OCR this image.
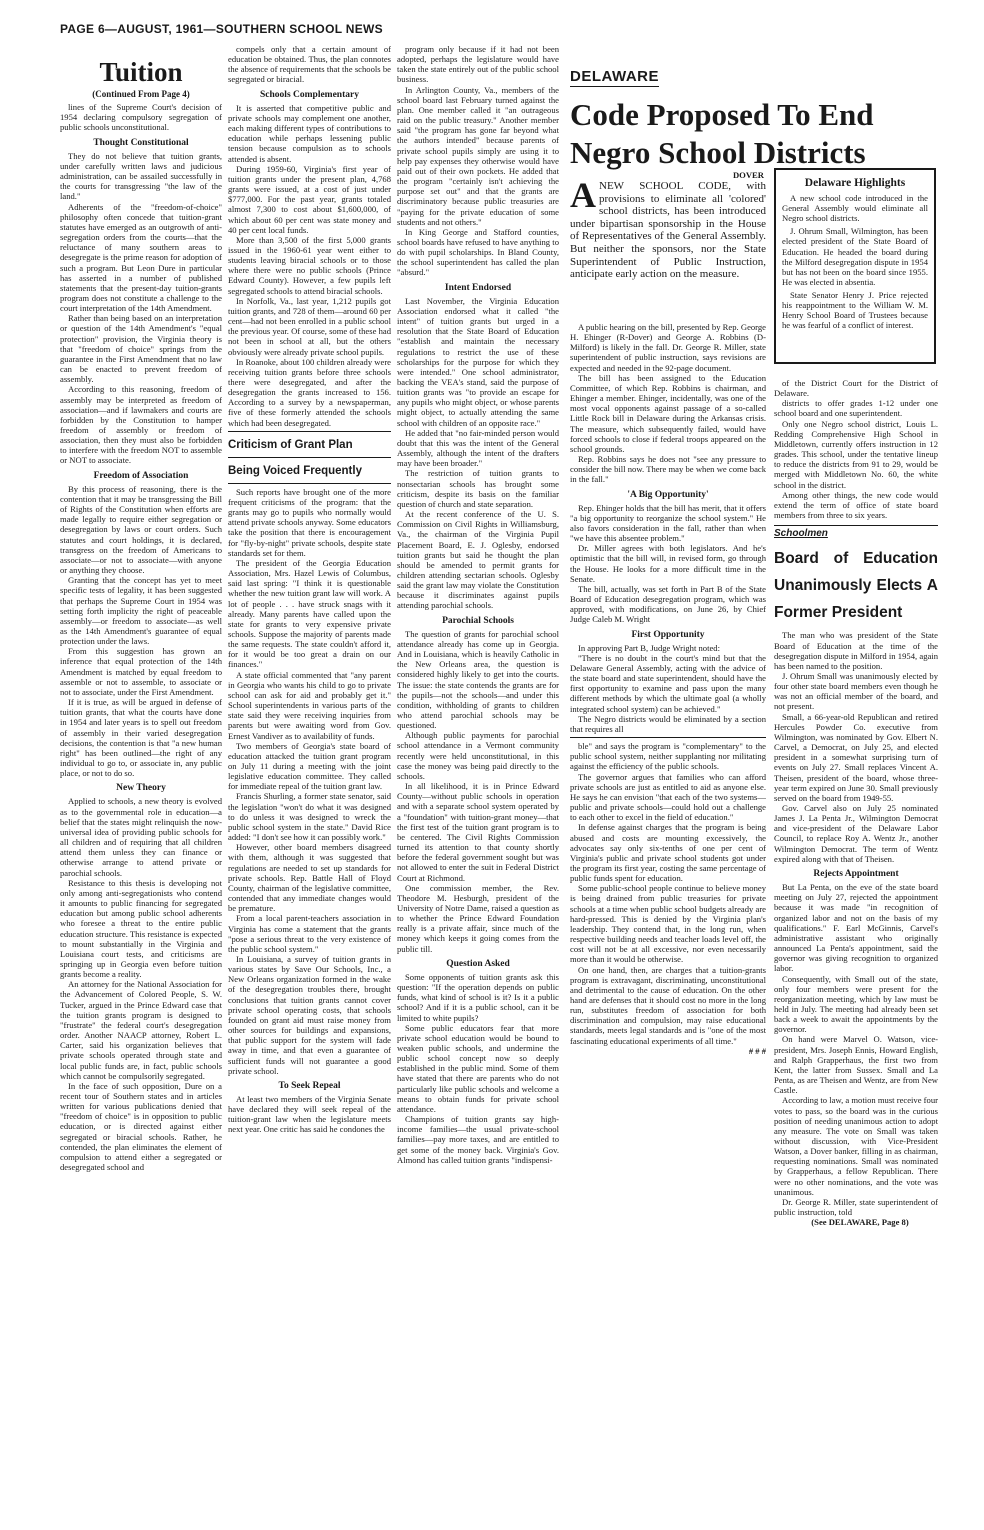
PAGE 6—AUGUST, 1961—SOUTHERN SCHOOL NEWS
Tuition
(Continued From Page 4)

lines of the Supreme Court's decision of 1954 declaring compulsory segregation of public schools unconstitutional.

Thought Constitutional

They do not believe that tuition grants, under carefully written laws and judicious administration, can be assailed successfully in the courts for transgressing "the law of the land."

Adherents of the "freedom-of-choice" philosophy often concede that tuition-grant statutes have emerged as an outgrowth of anti-segregation orders from the courts—that the reluctance of many southern areas to desegregate is the prime reason for adoption of such a program. But Leon Dure in particular has asserted in a number of published statements that the present-day tuition-grants program does not constitute a challenge to the court interpretation of the 14th Amendment.

Rather than being based on an interpretation or question of the 14th Amendment's "equal protection" provision, the Virginia theory is that "freedom of choice" springs from the guarantee in the First Amendment that no law can be enacted to prevent freedom of assembly.

According to this reasoning, freedom of assembly may be interpreted as freedom of association—and if lawmakers and courts are forbidden by the Constitution to hamper freedom of assembly or freedom of association, then they must also be forbidden to interfere with the freedom NOT to assemble or NOT to associate.

Freedom of Association

By this process of reasoning, there is the contention that it may be transgressing the Bill of Rights of the Constitution when efforts are made legally to require either segregation or desegregation by laws or court orders. Such statutes and court holdings, it is declared, transgress on the freedom of Americans to associate—or not to associate—with anyone or anything they choose.

Granting that the concept has yet to meet specific tests of legality, it has been suggested that perhaps the Supreme Court in 1954 was setting forth implicity the right of peaceable assembly—or freedom to associate—as well as the 14th Amendment's guarantee of equal protection under the laws.

From this suggestion has grown an inference that equal protection of the 14th Amendment is matched by equal freedom to assemble or not to assemble, to associate or not to associate, under the First Amendment.

If it is true, as will be argued in defense of tuition grants, that what the courts have done in 1954 and later years is to spell out freedom of assembly in their varied desegregation decisions, the contention is that "a new human right" has been outlined—the right of any individual to go to, or associate in, any public place, or not to do so.

New Theory

Applied to schools, a new theory is evolved as to the governmental role in education—a belief that the states might relinquish the now-universal idea of providing public schools for all children and of requiring that all children attend them unless they can finance or otherwise arrange to attend private or parochial schools.

Resistance to this thesis is developing not only among anti-segregationists who contend it amounts to public financing for segregated education but among public school adherents who foresee a threat to the entire public education structure. This resistance is expected to mount substantially in the Virginia and Louisiana court tests, and criticisms are springing up in Georgia even before tuition grants become a reality.

An attorney for the National Association for the Advancement of Colored People, S. W. Tucker, argued in the Prince Edward case that the tuition grants program is designed to "frustrate" the federal court's desegregation order. Another NAACP attorney, Robert L. Carter, said his organization believes that private schools operated through state and local public funds are, in fact, public schools which cannot be compulsorily segregated.

In the face of such opposition, Dure on a recent tour of Southern states and in articles written for various publications denied that "freedom of choice" is in opposition to public education, or is directed against either segregated or biracial schools. Rather, he contended, the plan eliminates the element of compulsion to attend either a segregated or desegregated school and

compels only that a certain amount of education be obtained. Thus, the plan connotes the absence of requirements that the schools be segregated or biracial.

Schools Complementary

It is asserted that competitive public and private schools may complement one another, each making different types of contributions to education while perhaps lessening public tension because compulsion as to schools attended is absent.

During 1959-60, Virginia's first year of tuition grants under the present plan, 4,768 grants were issued, at a cost of just under $777,000. For the past year, grants totaled almost 7,300 to cost about $1,600,000, of which about 60 per cent was state money and 40 per cent local funds.

More than 3,500 of the first 5,000 grants issued in the 1960-61 year went either to students leaving biracial schools or to those where there were no public schools (Prince Edward County). However, a few pupils left segregated schools to attend biracial schools.

In Norfolk, Va., last year, 1,212 pupils got tuition grants, and 728 of them—around 60 per cent—had not been enrolled in a public school the previous year. Of course, some of these had not been in school at all, but the others obviously were already private school pupils.

In Roanoke, about 100 children already were receiving tuition grants before three schools there were desegregated, and after the desegregation the grants increased to 156. According to a survey by a newspaperman, five of these formerly attended the schools which had been desegregated.

Criticism of Grant Plan
Being Voiced Frequently

Such reports have brought one of the more frequent criticisms of the program: that the grants may go to pupils who normally would attend private schools anyway. Some educators take the position that there is encouragement for "fly-by-night" private schools, despite state standards set for them.

The president of the Georgia Education Association, Mrs. Hazel Lewis of Columbus, said last spring: "I think it is questionable whether the new tuition grant law will work. A lot of people . . . have struck snags with it already. Many parents have called upon the state for grants to very expensive private schools. Suppose the majority of parents made the same requests. The state couldn't afford it, for it would be too great a drain on our finances."

A state official commented that "any parent in Georgia who wants his child to go to private school can ask for aid and probably get it." School superintendents in various parts of the state said they were receiving inquiries from parents but were awaiting word from Gov. Ernest Vandiver as to availability of funds.

Two members of Georgia's state board of education attacked the tuition grant program on July 11 during a meeting with the joint legislative education committee. They called for immediate repeal of the tuition grant law.

Francis Shurling, a former state senator, said the legislation "won't do what it was designed to do unless it was designed to wreck the public school system in the state." David Rice added: "I don't see how it can possibly work."

However, other board members disagreed with them, although it was suggested that regulations are needed to set up standards for private schools. Rep. Battle Hall of Floyd County, chairman of the legislative committee, contended that any immediate changes would be premature.

From a local parent-teachers association in Virginia has come a statement that the grants "pose a serious threat to the very existence of the public school system."

In Louisiana, a survey of tuition grants in various states by Save Our Schools, Inc., a New Orleans organization formed in the wake of the desegregation troubles there, brought conclusions that tuition grants cannot cover private school operating costs, that schools founded on grant aid must raise money from other sources for buildings and expansions, that public support for the system will fade away in time, and that even a guarantee of sufficient funds will not guarantee a good private school.

To Seek Repeal

At least two members of the Virginia Senate have declared they will seek repeal of the tuition-grant law when the legislature meets next year. One critic has said he condones the

program only because if it had not been adopted, perhaps the legislature would have taken the state entirely out of the public school business.

In Arlington County, Va., members of the school board last February turned against the plan. One member called it "an outrageous raid on the public treasury." Another member said "the program has gone far beyond what the authors intended" because parents of private school pupils simply are using it to help pay expenses they otherwise would have paid out of their own pockets. He added that the program "certainly isn't achieving the purpose set out" and that the grants are discriminatory because public treasuries are "paying for the private education of some students and not others."

In King George and Stafford counties, school boards have refused to have anything to do with pupil scholarships. In Bland County, the school superintendent has called the plan "absurd."

Intent Endorsed

Last November, the Virginia Education Association endorsed what it called "the intent" of tuition grants but urged in a resolution that the State Board of Education "establish and maintain the necessary regulations to restrict the use of these scholarships for the purpose for which they were intended." One school administrator, backing the VEA's stand, said the purpose of tuition grants was "to provide an escape for any pupils who might object, or whose parents might object, to actually attending the same school with children of an opposite race."

He added that "no fair-minded person would doubt that this was the intent of the General Assembly, although the intent of the drafters may have been broader."

The restriction of tuition grants to nonsectarian schools has brought some criticism, despite its basis on the familiar question of church and state separation.

At the recent conference of the U. S. Commission on Civil Rights in Williamsburg, Va., the chairman of the Virginia Pupil Placement Board, E. J. Oglesby, endorsed tuition grants but said he thought the plan should be amended to permit grants for children attending sectarian schools. Oglesby said the grant law may violate the Constitution because it discriminates against pupils attending parochial schools.

Parochial Schools

The question of grants for parochial school attendance already has come up in Georgia. And in Louisiana, which is heavily Catholic in the New Orleans area, the question is considered highly likely to get into the courts. The issue: the state contends the grants are for the pupils—not the schools—and under this condition, withholding of grants to children who attend parochial schools may be questioned.

Although public payments for parochial school attendance in a Vermont community recently were held unconstitutional, in this case the money was being paid directly to the schools.

In all likelihood, it is in Prince Edward County—without public schools in operation and with a separate school system operated by a "foundation" with tuition-grant money—that the first test of the tuition grant program is to be centered. The Civil Rights Commission turned its attention to that county shortly before the federal government sought but was not allowed to enter the suit in Federal District Court at Richmond.

One commission member, the Rev. Theodore M. Hesburgh, president of the University of Notre Dame, raised a question as to whether the Prince Edward Foundation really is a private affair, since much of the money which keeps it going comes from the public till.

Question Asked

Some opponents of tuition grants ask this question: "If the operation depends on public funds, what kind of school is it? Is it a public school? And if it is a public school, can it be limited to white pupils?

Some public educators fear that more private school education would be bound to weaken public schools, and undermine the public school concept now so deeply established in the public mind. Some of them have stated that there are parents who do not particularly like public schools and welcome a means to obtain funds for private school attendance.

Champions of tuition grants say high-income families—the usual private-school families—pay more taxes, and are entitled to get some of the money back. Virginia's Gov. Almond has called tuition grants "indispensi-

DELAWARE
Code Proposed To End Negro School Districts
DOVER
A NEW SCHOOL CODE, with provisions to eliminate all 'colored' school districts, has been introduced under bipartisan sponsorship in the House of Representatives of the General Assembly. But neither the sponsors, nor the State Superintendent of Public Instruction, anticipate early action on the measure.

A public hearing on the bill, presented by Rep. George H. Ehinger (R-Dover) and George A. Robbins (D-Milford) is likely in the fall. Dr. George R. Miller, state superintendent of public instruction, says revisions are expected and needed in the 92-page document.

The bill has been assigned to the Education Committee, of which Rep. Robbins is chairman, and Ehinger a member. Ehinger, incidentally, was one of the most vocal opponents against passage of a so-called Little Rock bill in Delaware during the Arkansas crisis. The measure, which subsequently failed, would have forced schools to close if federal troops appeared on the school grounds.

Rep. Robbins says he does not "see any pressure to consider the bill now. There may be when we come back in the fall."

'A Big Opportunity'

Rep. Ehinger holds that the bill has merit, that it offers "a big opportunity to reorganize the school system." He also favors consideration in the fall, rather than when "we have this absentee problem."

Dr. Miller agrees with both legislators. And he's optimistic that the bill will, in revised form, go through the House. He looks for a more difficult time in the Senate.

The bill, actually, was set forth in Part B of the State Board of Education desegregation program, which was approved, with modifications, on June 26, by Chief Judge Caleb M. Wright

First Opportunity

In approving Part B, Judge Wright noted:

"There is no doubt in the court's mind but that the Delaware General Assembly, acting with the advice of the state board and state superintendent, should have the first opportunity to examine and pass upon the many different methods by which the ultimate goal (a wholly integrated school system) can be achieved."

The Negro districts would be eliminated by a section that requires all

ble" and says the program is "complementary" to the public school system, neither supplanting nor militating against the efficiency of the public schools.

The governor argues that families who can afford private schools are just as entitled to aid as anyone else. He says he can envision "that each of the two systems—public and private schools—could hold out a challenge to each other to excel in the field of education."

In defense against charges that the program is being abused and costs are mounting excessively, the advocates say only six-tenths of one per cent of Virginia's public and private school students got under the program its first year, costing the same percentage of public funds spent for education.

Some public-school people continue to believe money is being drained from public treasuries for private schools at a time when public school budgets already are hard-pressed. This is denied by the Virginia plan's leadership. They contend that, in the long run, when respective building needs and teacher loads level off, the cost will not be at all excessive, nor even necessarily more than it would be otherwise.

On one hand, then, are charges that a tuition-grants program is extravagant, discriminating, unconstitutional and detrimental to the cause of education. On the other hand are defenses that it should cost no more in the long run, substitutes freedom of association for both discrimination and compulsion, may raise educational standards, meets legal standards and is "one of the most fascinating educational experiments of all time."

# # #

Delaware Highlights

A new school code introduced in the General Assembly would eliminate all Negro school districts.

J. Ohrum Small, Wilmington, has been elected president of the State Board of Education. He headed the board during the Milford desegregation dispute in 1954 but has not been on the board since 1955. He was elected in absentia.

State Senator Henry J. Price rejected his reappointment to the William W. M. Henry School Board of Trustees because he was fearful of a conflict of interest.

of the District Court for the District of Delaware.

districts to offer grades 1-12 under one school board and one superintendent.

Only one Negro school district, Louis L. Redding Comprehensive High School in Middletown, currently offers instruction in 12 grades. This school, under the tentative lineup to reduce the districts from 91 to 29, would be merged with Middletown No. 60, the white school in the district.

Among other things, the new code would extend the term of office of state board members from three to six years.

Schoolmen
Board of Education Unanimously Elects A Former President

The man who was president of the State Board of Education at the time of the desegregation dispute in Milford in 1954, again has been named to the position.

J. Ohrum Small was unanimously elected by four other state board members even though he was not an official member of the board, and not present.

Small, a 66-year-old Republican and retired Hercules Powder Co. executive from Wilmington, was nominated by Gov. Elbert N. Carvel, a Democrat, on July 25, and elected president in a somewhat surprising turn of events on July 27. Small replaces Vincent A. Theisen, president of the board, whose three-year term expired on June 30. Small previously served on the board from 1949-55.

Gov. Carvel also on July 25 nominated James J. La Penta Jr., Wilmington Democrat and vice-president of the Delaware Labor Council, to replace Roy A. Wentz Jr., another Wilmington Democrat. The term of Wentz expired along with that of Theisen.

Rejects Appointment

But La Penta, on the eve of the state board meeting on July 27, rejected the appointment because it was made "in recognition of organized labor and not on the basis of my qualifications." F. Earl McGinnis, Carvel's administrative assistant who originally announced La Penta's appointment, said the governor was giving recognition to organized labor.

Consequently, with Small out of the state, only four members were present for the reorganization meeting, which by law must be held in July. The meeting had already been set back a week to await the appointments by the governor.

On hand were Marvel O. Watson, vice-president, Mrs. Joseph Ennis, Howard English, and Ralph Grapperhaus, the first two from Kent, the latter from Sussex. Small and La Penta, as are Theisen and Wentz, are from New Castle.

According to law, a motion must receive four votes to pass, so the board was in the curious position of needing unanimous action to adopt any measure. The vote on Small was taken without discussion, with Vice-President Watson, a Dover banker, filling in as chairman, requesting nominations. Small was nominated by Grapperhaus, a fellow Republican. There were no other nominations, and the vote was unanimous.

Dr. George R. Miller, state superintendent of public instruction, told

(See DELAWARE, Page 8)
